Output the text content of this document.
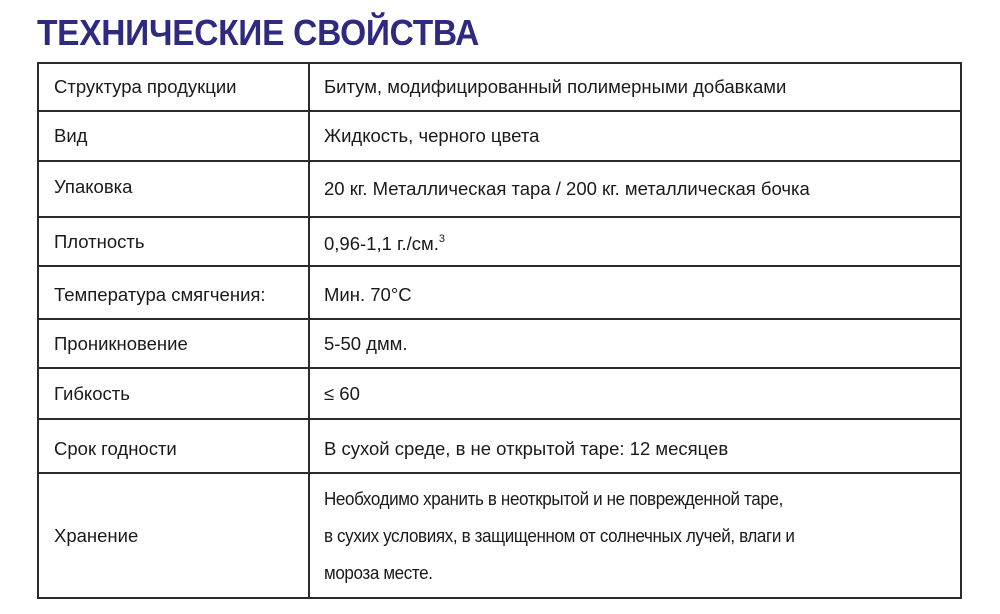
ТЕХНИЧЕСКИЕ СВОЙСТВА
Структура продукции	Битум, модифицированный полимерными добавками
Вид	Жидкость, черного цвета
Упаковка	20 кг. Металлическая тара / 200 кг. металлическая бочка
Плотность	0,96-1,1 г./см.$^3$
Температура смягчения:	Мин. 70°C
Проникновение	5-50 дмм.
Гибкость	≤ 60
Срок годности	В сухой среде, в не открытой таре: 12 месяцев
Хранение	Необходимо хранить в неоткрытой и не поврежденной таре,
в сухих условиях, в защищенном от солнечных лучей, влаги и
мороза месте.
